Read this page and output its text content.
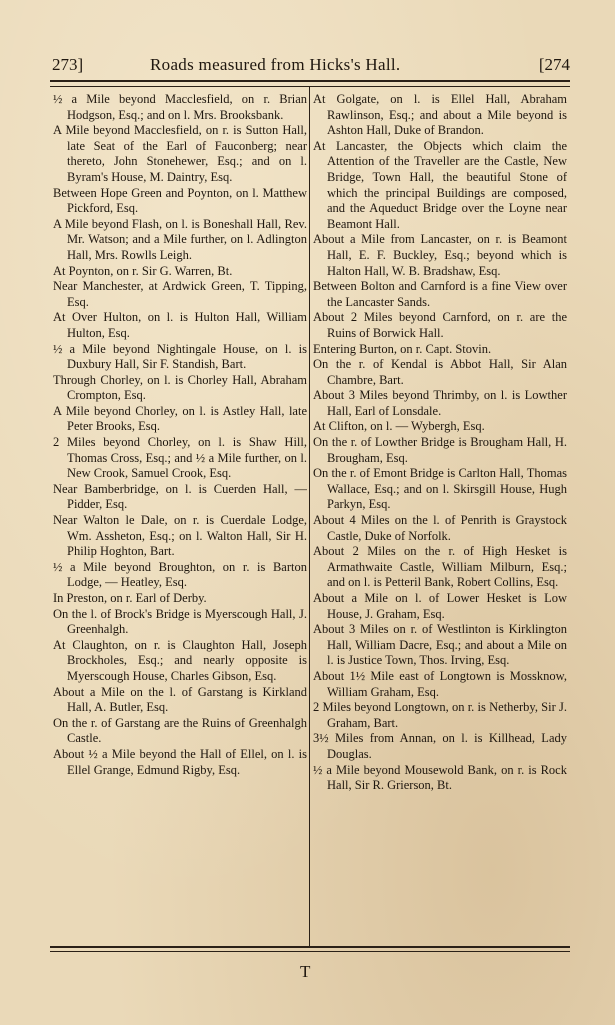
273]	Roads measured from Hicks's Hall.	[274

½ a Mile beyond Macclesfield, on r. Brian Hodgson, Esq.; and on l. Mrs. Brooksbank.

A Mile beyond Macclesfield, on r. is Sutton Hall, late Seat of the Earl of Fauconberg; near thereto, John Stonehewer, Esq.; and on l. Byram's House, M. Daintry, Esq.

Between Hope Green and Poynton, on l. Matthew Pickford, Esq.

A Mile beyond Flash, on l. is Boneshall Hall, Rev. Mr. Watson; and a Mile further, on l. Adlington Hall, Mrs. Rowlls Leigh.

At Poynton, on r. Sir G. Warren, Bt.

Near Manchester, at Ardwick Green, T. Tipping, Esq.

At Over Hulton, on l. is Hulton Hall, William Hulton, Esq.

½ a Mile beyond Nightingale House, on l. is Duxbury Hall, Sir F. Standish, Bart.

Through Chorley, on l. is Chorley Hall, Abraham Crompton, Esq.

A Mile beyond Chorley, on l. is Astley Hall, late Peter Brooks, Esq.

2 Miles beyond Chorley, on l. is Shaw Hill, Thomas Cross, Esq.; and ½ a Mile further, on l. New Crook, Samuel Crook, Esq.

Near Bamberbridge, on l. is Cuerden Hall, — Pidder, Esq.

Near Walton le Dale, on r. is Cuerdale Lodge, Wm. Assheton, Esq.; on l. Walton Hall, Sir H. Philip Hoghton, Bart.

½ a Mile beyond Broughton, on r. is Barton Lodge, — Heatley, Esq.

In Preston, on r. Earl of Derby.

On the l. of Brock's Bridge is Myerscough Hall, J. Greenhalgh.

At Claughton, on r. is Claughton Hall, Joseph Brockholes, Esq.; and nearly opposite is Myerscough House, Charles Gibson, Esq.

About a Mile on the l. of Garstang is Kirkland Hall, A. Butler, Esq.

On the r. of Garstang are the Ruins of Greenhalgh Castle.

About ½ a Mile beyond the Hall of Ellel, on l. is Ellel Grange, Edmund Rigby, Esq.

At Golgate, on l. is Ellel Hall, Abraham Rawlinson, Esq.; and about a Mile beyond is Ashton Hall, Duke of Brandon.

At Lancaster, the Objects which claim the Attention of the Traveller are the Castle, New Bridge, Town Hall, the beautiful Stone of which the principal Buildings are composed, and the Aqueduct Bridge over the Loyne near Beamont Hall.

About a Mile from Lancaster, on r. is Beamont Hall, E. F. Buckley, Esq.; beyond which is Halton Hall, W. B. Bradshaw, Esq.

Between Bolton and Carnford is a fine View over the Lancaster Sands.

About 2 Miles beyond Carnford, on r. are the Ruins of Borwick Hall.

Entering Burton, on r. Capt. Stovin.

On the r. of Kendal is Abbot Hall, Sir Alan Chambre, Bart.

About 3 Miles beyond Thrimby, on l. is Lowther Hall, Earl of Lonsdale.

At Clifton, on l. — Wybergh, Esq.

On the r. of Lowther Bridge is Brougham Hall, H. Brougham, Esq.

On the r. of Emont Bridge is Carlton Hall, Thomas Wallace, Esq.; and on l. Skirsgill House, Hugh Parkyn, Esq.

About 4 Miles on the l. of Penrith is Graystock Castle, Duke of Norfolk.

About 2 Miles on the r. of High Hesket is Armathwaite Castle, William Milburn, Esq.; and on l. is Petteril Bank, Robert Collins, Esq.

About a Mile on l. of Lower Hesket is Low House, J. Graham, Esq.

About 3 Miles on r. of Westlinton is Kirklington Hall, William Dacre, Esq.; and about a Mile on l. is Justice Town, Thos. Irving, Esq.

About 1½ Mile east of Longtown is Mossknow, William Graham, Esq.

2 Miles beyond Longtown, on r. is Netherby, Sir J. Graham, Bart.

3½ Miles from Annan, on l. is Killhead, Lady Douglas.

½ a Mile beyond Mousewold Bank, on r. is Rock Hall, Sir R. Grierson, Bt.

T
